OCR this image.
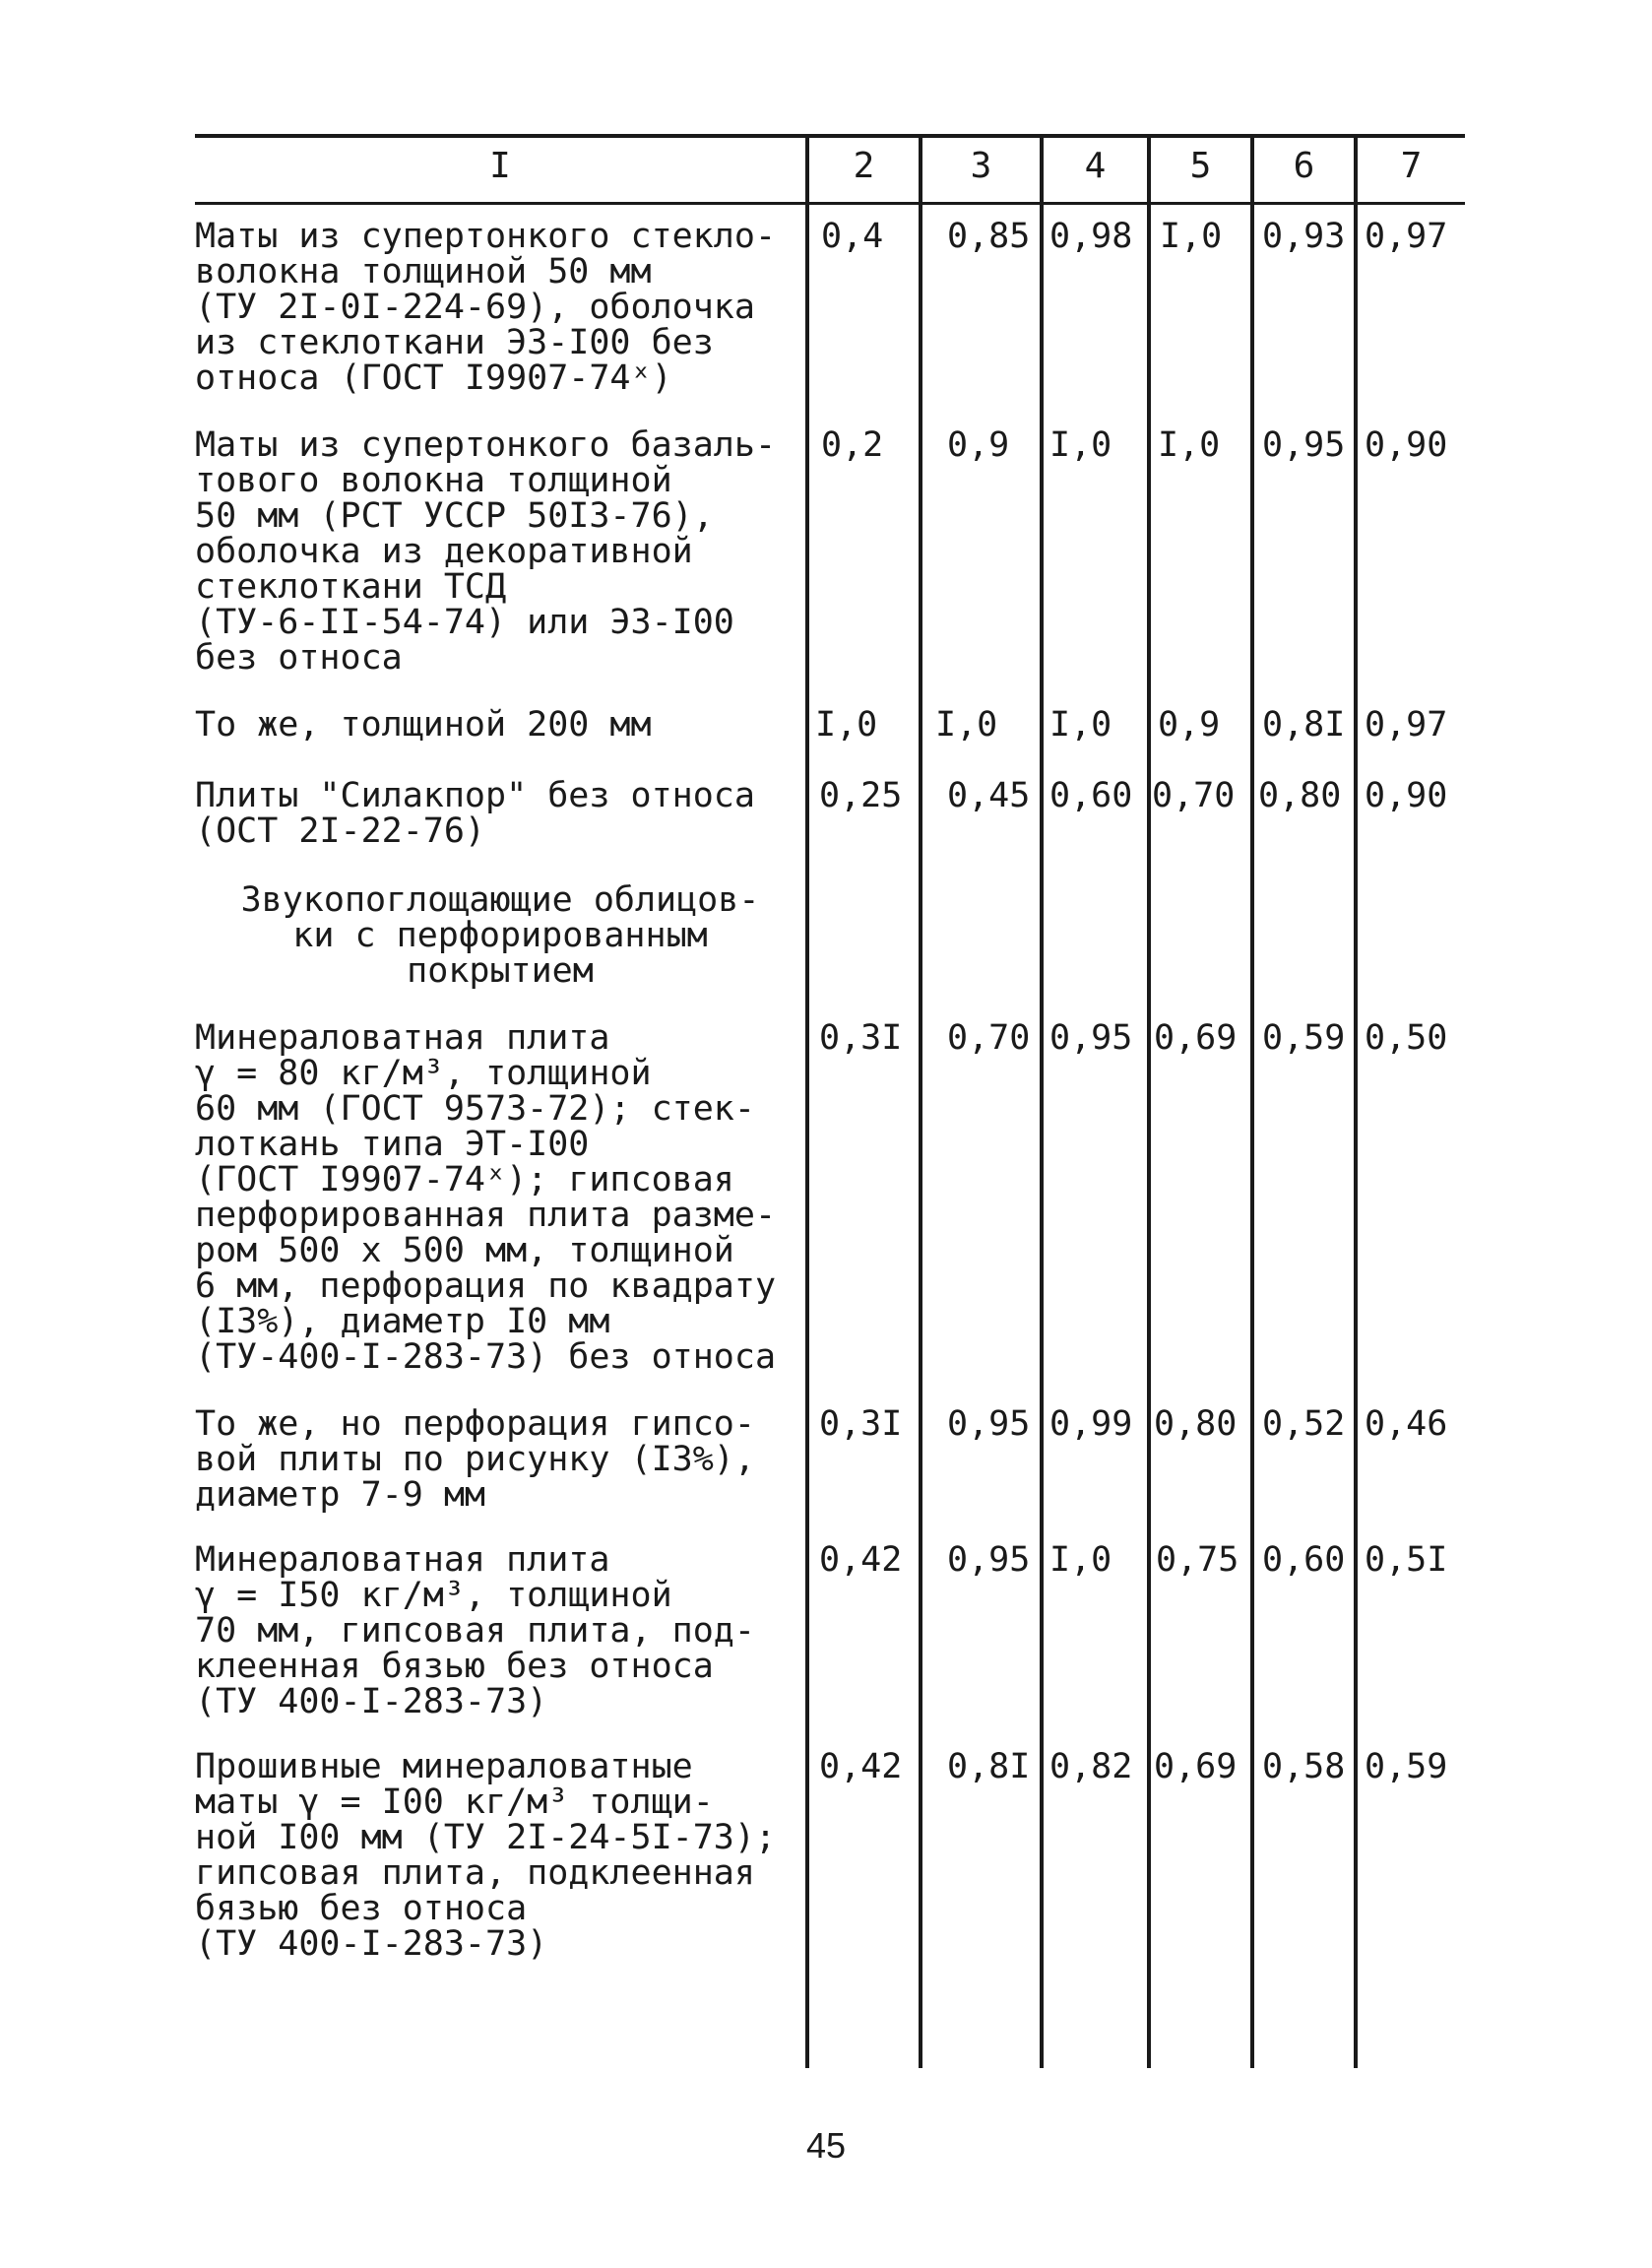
I	2	3	4	5	6	7
Маты из супертонкого стекло-
волокна толщиной 50 мм
(ТУ 2I-0I-224-69), оболочка
из стеклоткани ЭЗ-I00 без
относа (ГОСТ I9907-74ˣ)
0,4 0,85 0,98 I,0 0,93 0,97
Маты из супертонкого базаль-
тового волокна толщиной
50 мм (РСТ УССР 50I3-76),
оболочка из декоративной
стеклоткани ТСД
(ТУ-6-II-54-74) или ЭЗ-I00
без относа
0,2 0,9 I,0 I,0 0,95 0,90
То же, толщиной 200 мм	I,0 I,0 I,0 0,9 0,8I 0,97
Плиты "Силакпор" без относа
(ОСТ 2I-22-76)
0,25 0,45 0,60 0,70 0,80 0,90
Звукопоглощающие облицов-
ки с перфорированным
покрытием
Минераловатная плита
γ = 80 кг/м³, толщиной
60 мм (ГОСТ 9573-72); стек-
лоткань типа ЭТ-I00
(ГОСТ I9907-74ˣ); гипсовая
перфорированная плита разме-
ром 500 х 500 мм, толщиной
6 мм, перфорация по квадрату
(I3%), диаметр I0 мм
(ТУ-400-I-283-73) без относа
0,3I 0,70 0,95 0,69 0,59 0,50
То же, но перфорация гипсо-
вой плиты по рисунку (I3%),
диаметр 7-9 мм
0,3I 0,95 0,99 0,80 0,52 0,46
Минераловатная плита
γ = I50 кг/м³, толщиной
70 мм, гипсовая плита, под-
клеенная бязью без относа
(ТУ 400-I-283-73)
0,42 0,95 I,0 0,75 0,60 0,5I
Прошивные минераловатные
маты γ = I00 кг/м³ толщи-
ной I00 мм (ТУ 2I-24-5I-73);
гипсовая плита, подклеенная
бязью без относа
(ТУ 400-I-283-73)
0,42 0,8I 0,82 0,69 0,58 0,59
45
